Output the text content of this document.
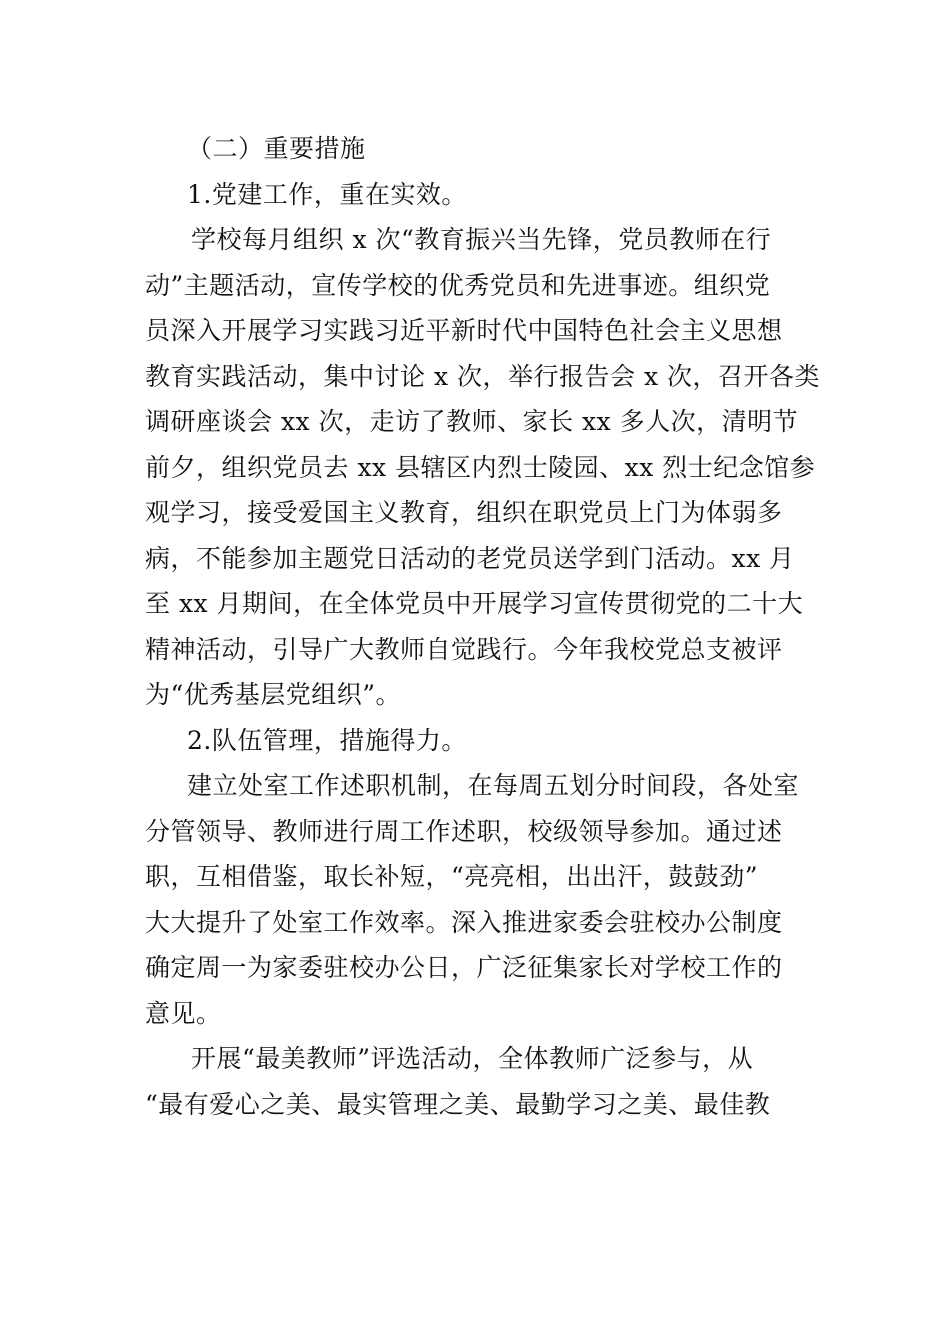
（二）重要措施
1.党建工作，重在实效。
学校每月组织 x 次“教育振兴当先锋，党员教师在行
动”主题活动，宣传学校的优秀党员和先进事迹。组织党
员深入开展学习实践习近平新时代中国特色社会主义思想
教育实践活动，集中讨论 x 次，举行报告会 x 次，召开各类
调研座谈会 xx 次，走访了教师、家长 xx 多人次，清明节
前夕，组织党员去 xx 县辖区内烈士陵园、xx 烈士纪念馆参
观学习，接受爱国主义教育，组织在职党员上门为体弱多
病，不能参加主题党日活动的老党员送学到门活动。xx 月
至 xx 月期间，在全体党员中开展学习宣传贯彻党的二十大
精神活动，引导广大教师自觉践行。今年我校党总支被评
为“优秀基层党组织”。
2.队伍管理，措施得力。
建立处室工作述职机制，在每周五划分时间段，各处室
分管领导、教师进行周工作述职，校级领导参加。通过述
职，互相借鉴，取长补短，“亮亮相，出出汗，鼓鼓劲”
大大提升了处室工作效率。深入推进家委会驻校办公制度
确定周一为家委驻校办公日，广泛征集家长对学校工作的
意见。
开展“最美教师”评选活动，全体教师广泛参与，从
“最有爱心之美、最实管理之美、最勤学习之美、最佳教
